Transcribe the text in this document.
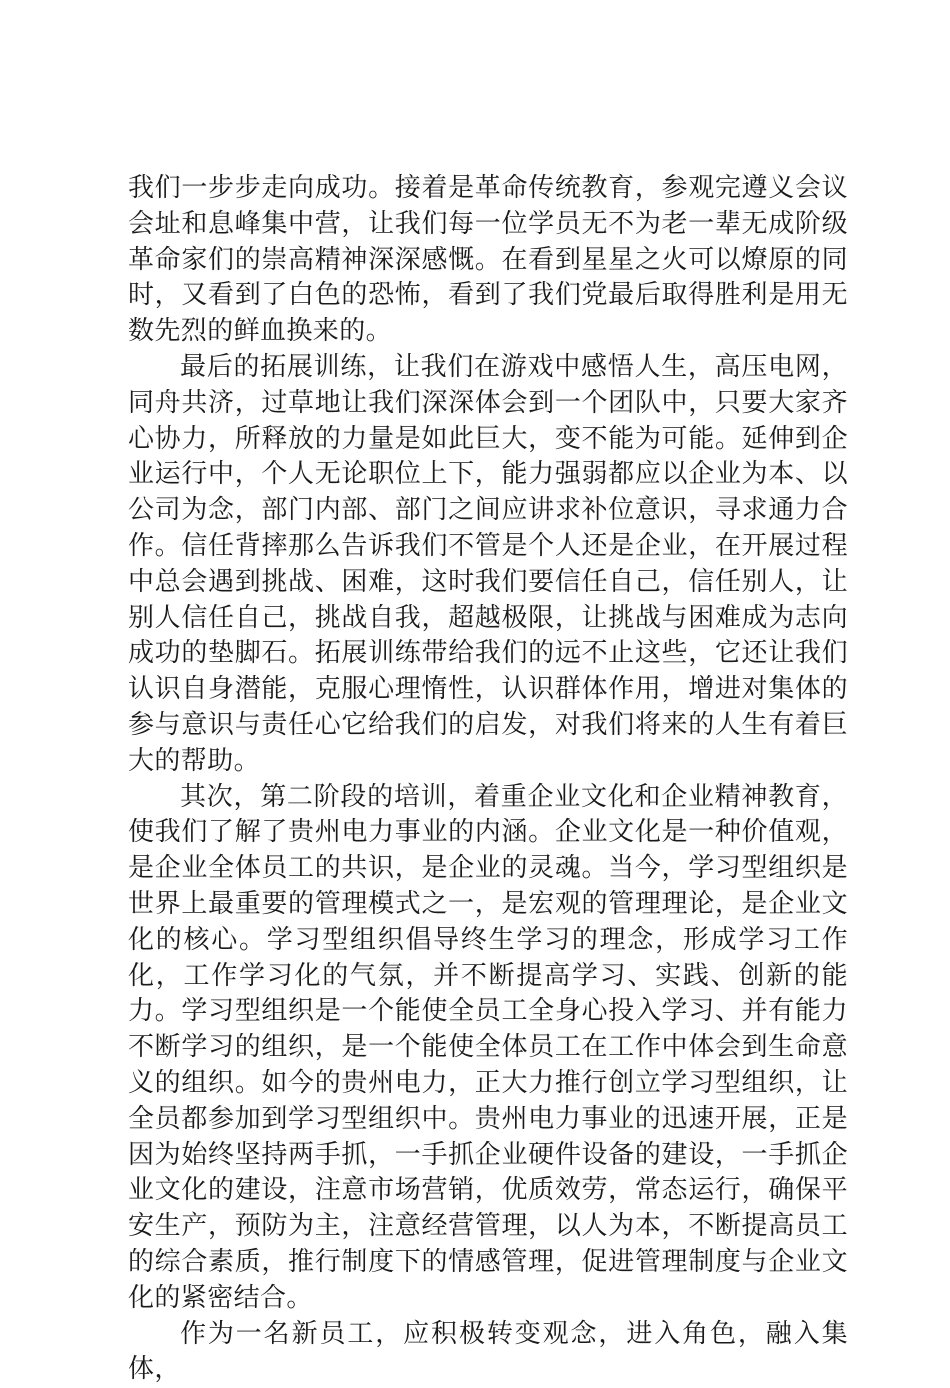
我们一步步走向成功。接着是革命传统教育，参观完遵义会议会址和息峰集中营，让我们每一位学员无不为老一辈无成阶级革命家们的崇高精神深深感慨。在看到星星之火可以燎原的同时，又看到了白色的恐怖，看到了我们党最后取得胜利是用无数先烈的鲜血换来的。

最后的拓展训练，让我们在游戏中感悟人生，高压电网，同舟共济，过草地让我们深深体会到一个团队中，只要大家齐心协力，所释放的力量是如此巨大，变不能为可能。延伸到企业运行中，个人无论职位上下，能力强弱都应以企业为本、以公司为念，部门内部、部门之间应讲求补位意识，寻求通力合作。信任背摔那么告诉我们不管是个人还是企业，在开展过程中总会遇到挑战、困难，这时我们要信任自己，信任别人，让别人信任自己，挑战自我，超越极限，让挑战与困难成为志向成功的垫脚石。拓展训练带给我们的远不止这些，它还让我们认识自身潜能，克服心理惰性，认识群体作用，增进对集体的参与意识与责任心它给我们的启发，对我们将来的人生有着巨大的帮助。

其次，第二阶段的培训，着重企业文化和企业精神教育，使我们了解了贵州电力事业的内涵。企业文化是一种价值观，是企业全体员工的共识，是企业的灵魂。当今，学习型组织是世界上最重要的管理模式之一，是宏观的管理理论，是企业文化的核心。学习型组织倡导终生学习的理念，形成学习工作化，工作学习化的气氛，并不断提高学习、实践、创新的能力。学习型组织是一个能使全员工全身心投入学习、并有能力不断学习的组织，是一个能使全体员工在工作中体会到生命意义的组织。如今的贵州电力，正大力推行创立学习型组织，让全员都参加到学习型组织中。贵州电力事业的迅速开展，正是因为始终坚持两手抓，一手抓企业硬件设备的建设，一手抓企业文化的建设，注意市场营销，优质效劳，常态运行，确保平安生产，预防为主，注意经营管理，以人为本，不断提高员工的综合素质，推行制度下的情感管理，促进管理制度与企业文化的紧密结合。

作为一名新员工，应积极转变观念，进入角色，融入集体，
